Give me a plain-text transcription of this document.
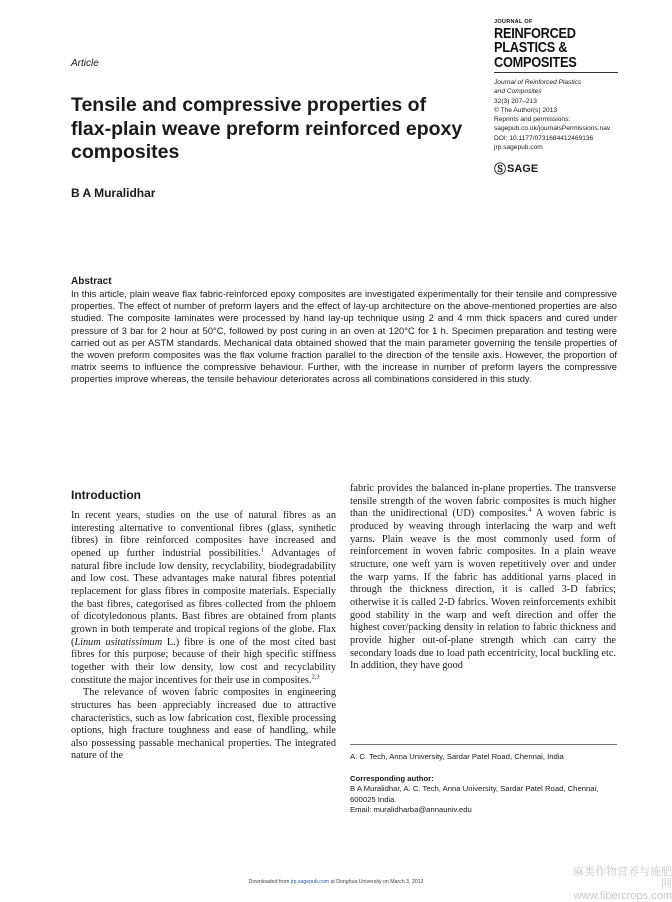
Article
JOURNAL OF
REINFORCED
PLASTICS &
COMPOSITES
Journal of Reinforced Plastics
and Composites
32(3) 207–213
© The Author(s) 2013
Reprints and permissions:
sagepub.co.uk/journalsPermissions.nav
DOI: 10.1177/0731684412469136
jrp.sagepub.com
Ⓢ SAGE
Tensile and compressive properties of flax-plain weave preform reinforced epoxy composites
B A Muralidhar
Abstract
In this article, plain weave flax fabric-reinforced epoxy composites are investigated experimentally for their tensile and compressive properties. The effect of number of preform layers and the effect of lay-up architecture on the above-mentioned properties are also studied. The composite laminates were processed by hand lay-up technique using 2 and 4 mm thick spacers and cured under pressure of 3 bar for 2 hour at 50°C, followed by post curing in an oven at 120°C for 1 h. Specimen preparation and testing were carried out as per ASTM standards. Mechanical data obtained showed that the main parameter governing the tensile properties of the woven preform composites was the flax volume fraction parallel to the direction of the tensile axis. However, the proportion of matrix seems to influence the compressive behaviour. Further, with the increase in number of preform layers the compressive properties improve whereas, the tensile behaviour deteriorates across all combinations considered in this study.
Introduction

In recent years, studies on the use of natural fibres as an interesting alternative to conventional fibres (glass, synthetic fibres) in fibre reinforced composites have increased and opened up further industrial possibilities.$^1$ Advantages of natural fibre include low density, recyclability, biodegradability and low cost. These advantages make natural fibres potential replacement for glass fibres in composite materials. Especially the bast fibres, categorised as fibres collected from the phloem of dicotyledonous plants. Bast fibres are obtained from plants grown in both temperate and tropical regions of the globe. Flax (Linum usitatissimum L.) fibre is one of the most cited bast fibres for this purpose; because of their high specific stiffness together with their low density, low cost and recyclability constitute the major incentives for their use in composites.$^{2,3}$

The relevance of woven fabric composites in engineering structures has been appreciably increased due to attractive characteristics, such as low fabrication cost, flexible processing options, high fracture toughness and ease of handling, while also possessing passable mechanical properties. The integrated nature of the

fabric provides the balanced in-plane properties. The transverse tensile strength of the woven fabric composites is much higher than the unidirectional (UD) composites.$^4$ A woven fabric is produced by weaving through interlacing the warp and weft yarns. Plain weave is the most commonly used form of reinforcement in woven fabric composites. In a plain weave structure, one weft yarn is woven repetitively over and under the warp yarns. If the fabric has additional yarns placed in through the thickness direction, it is called 3-D fabrics; otherwise it is called 2-D fabrics. Woven reinforcements exhibit good stability in the warp and weft direction and offer the highest cover/packing density in relation to fabric thickness and provide higher out-of-plane strength which can carry the secondary loads due to load path eccentricity, local buckling etc. In addition, they have good

A. C. Tech, Anna University, Sardar Patel Road, Chennai, India
Corresponding author:
B A Muralidhar, A. C. Tech, Anna University, Sardar Patel Road, Chennai,
600025 India.
Email: muralidharba@annauniv.edu
Downloaded from jrp.sagepub.com at Donghua University on March 3, 2013
麻类作物营养与施肥网
www.fibercrops.com
